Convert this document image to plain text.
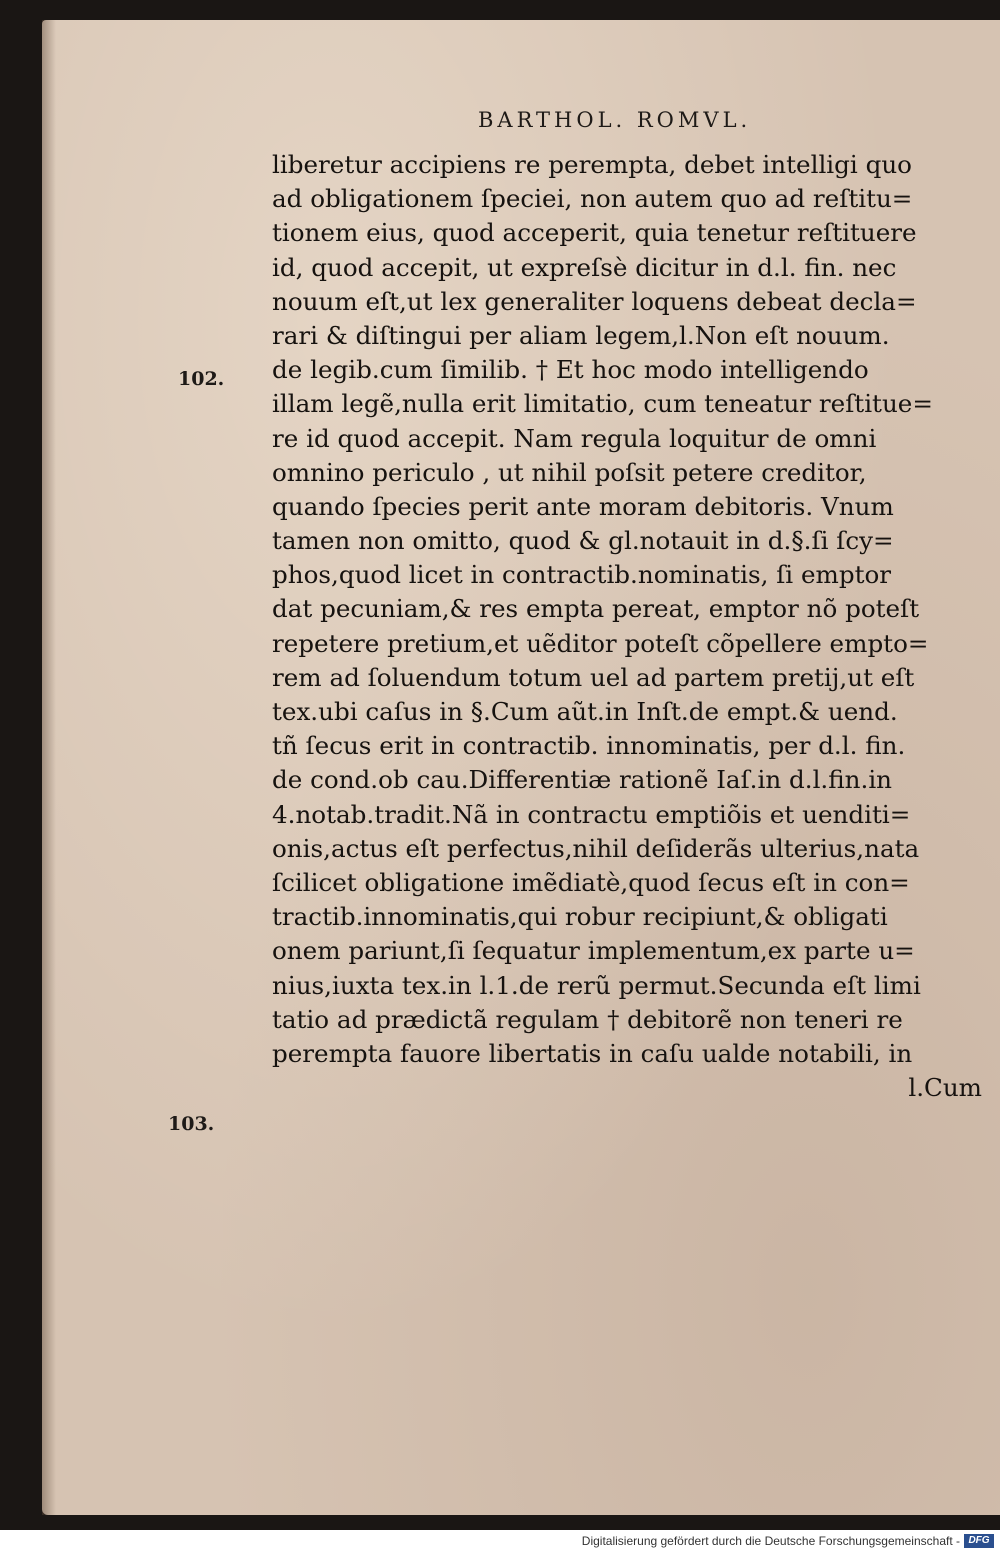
BARTHOL. ROMVL.
102.
103.
liberetur accipiens re perempta, debet intelligi quo
ad obligationem ſpeciei, non autem quo ad reſtitu=
tionem eius, quod acceperit, quia tenetur reſtituere
id, quod accepit, ut expreſsè dicitur in d.l. fin. nec
nouum eſt,ut lex generaliter loquens debeat decla=
rari & diſtingui per aliam legem,l.Non eſt nouum.
de legib.cum ſimilib. † Et hoc modo intelligendo
illam legẽ,nulla erit limitatio, cum teneatur reſtitue=
re id quod accepit. Nam regula loquitur de omni
omnino periculo , ut nihil poſsit petere creditor,
quando ſpecies perit ante moram debitoris. Vnum
tamen non omitto, quod & gl.notauit in d.§.ſi ſcy=
phos,quod licet in contractib.nominatis, ſi emptor
dat pecuniam,& res empta pereat, emptor nõ poteſt
repetere pretium,et uẽditor poteſt cõpellere empto=
rem ad ſoluendum totum uel ad partem pretij,ut eſt
tex.ubi caſus in §.Cum aũt.in Inſt.de empt.& uend.
tñ ſecus erit in contractib. innominatis, per d.l. fin.
de cond.ob cau.Differentiæ rationẽ Iaſ.in d.l.fin.in
4.notab.tradit.Nã in contractu emptiõis et uenditi=
onis,actus eſt perfectus,nihil deſiderãs ulterius,nata
ſcilicet obligatione imẽdiatè,quod ſecus eſt in con=
tractib.innominatis,qui robur recipiunt,& obligati
onem pariunt,ſi ſequatur implementum,ex parte u=
nius,iuxta tex.in l.1.de rerũ permut.Secunda eſt limi
tatio ad prædictã regulam † debitorẽ non teneri re
perempta fauore libertatis in caſu ualde notabili, in
l.Cum
Digitalisierung gefördert durch die Deutsche Forschungsgemeinschaft - DFG
